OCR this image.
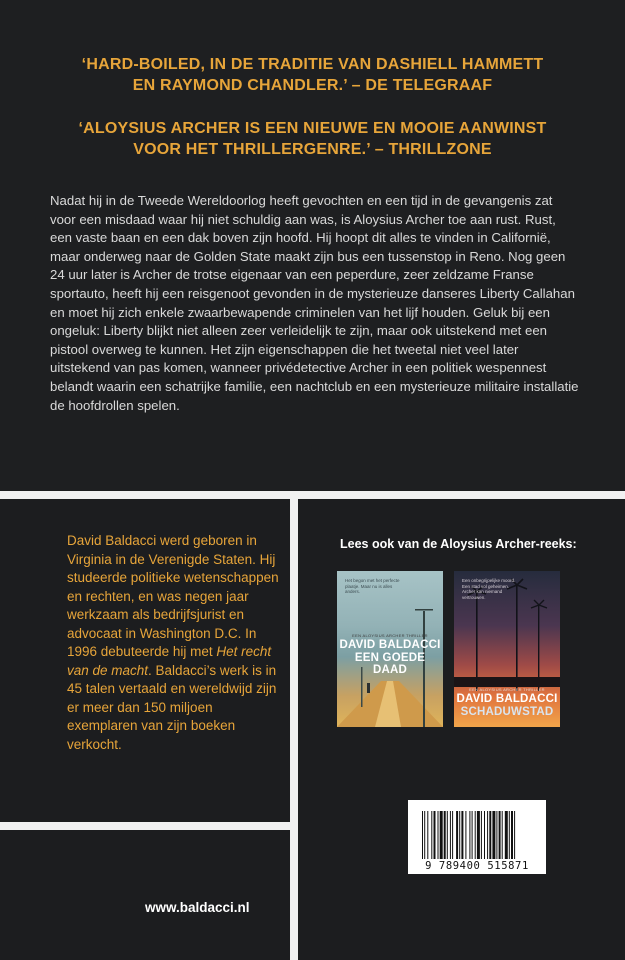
‘HARD-BOILED, IN DE TRADITIE VAN DASHIELL HAMMETT
EN RAYMOND CHANDLER.’ – DE TELEGRAAF
‘ALOYSIUS ARCHER IS EEN NIEUWE EN MOOIE AANWINST
VOOR HET THRILLERGENRE.’ – THRILLZONE

Nadat hij in de Tweede Wereldoorlog heeft gevochten en een tijd in de gevangenis zat voor een misdaad waar hij niet schuldig aan was, is Aloysius Archer toe aan rust. Rust, een vaste baan en een dak boven zijn hoofd. Hij hoopt dit alles te vinden in Californië, maar onderweg naar de Golden State maakt zijn bus een tussenstop in Reno. Nog geen 24 uur later is Archer de trotse eigenaar van een peperdure, zeer zeldzame Franse sportauto, heeft hij een reisgenoot gevonden in de mysterieuze danseres Liberty Callahan en moet hij zich enkele zwaarbewapende criminelen van het lijf houden. Geluk bij een ongeluk: Liberty blijkt niet alleen zeer verleidelijk te zijn, maar ook uitstekend met een pistool overweg te kunnen. Het zijn eigenschappen die het tweetal niet veel later uitstekend van pas komen, wanneer privédetective Archer in een politiek wespennest belandt waarin een schatrijke familie, een nachtclub en een mysterieuze militaire installatie de hoofdrollen spelen.

David Baldacci werd geboren in Virginia in de Verenigde Staten. Hij studeerde politieke wetenschappen en rechten, en was negen jaar werkzaam als bedrijfsjurist en advocaat in Washington D.C. In 1996 debuteerde hij met Het recht van de macht. Baldacci’s werk is in 45 talen vertaald en wereldwijd zijn er meer dan 150 miljoen exemplaren van zijn boeken verkocht.

Lees ook van de Aloysius Archer-reeks:
Het begon met het perfecte plaatje. Maar nu is alles anders.
EEN ALOYSIUS ARCHER THRILLER
DAVID BALDACCI
EEN GOEDE DAAD
Een onbegrijpelijke moord. Een stad vol geheimen. Archer kan niemand vertrouwen.
EEN ALOYSIUS ARCHER THRILLER
DAVID BALDACCI
SCHADUWSTAD
9 789400 515871
www.baldacci.nl
